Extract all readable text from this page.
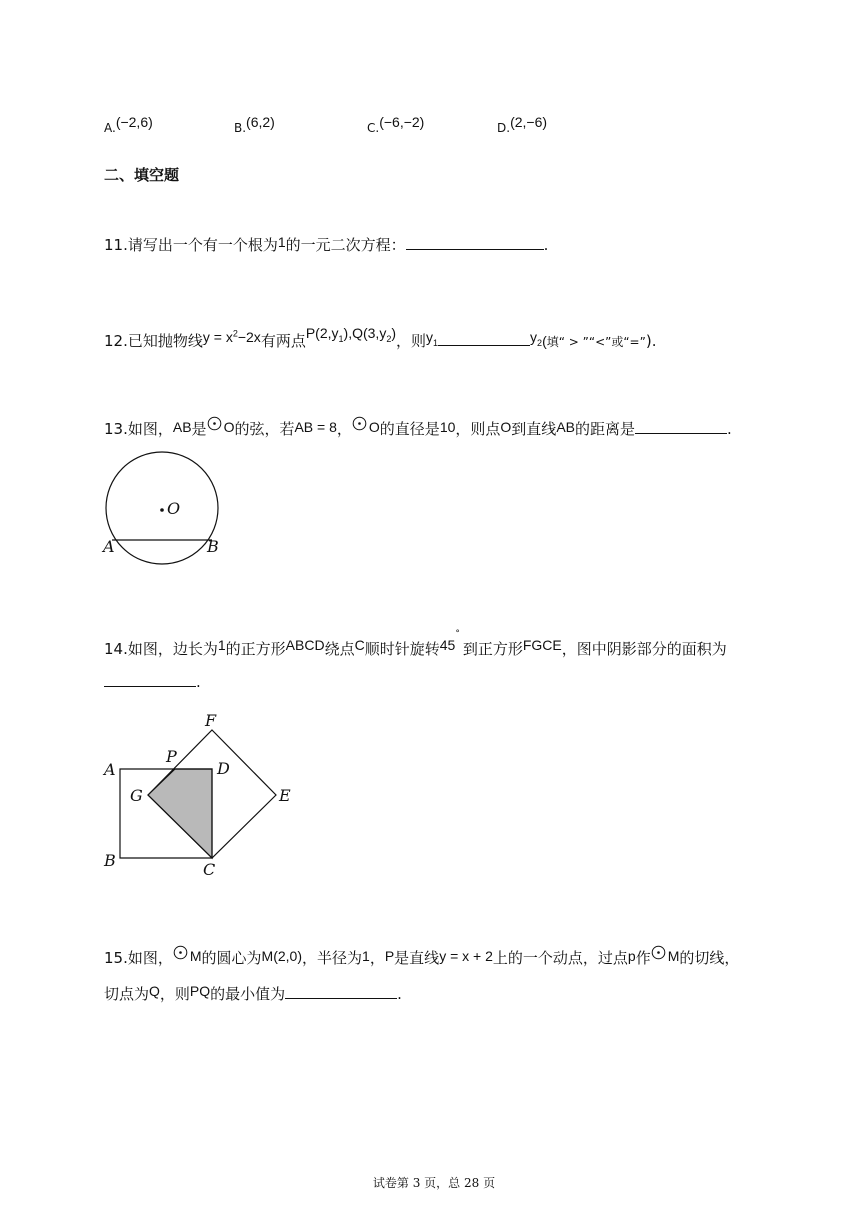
A.(−2,6)	B.(6,2)	C.(−6,−2)	D.(2,−6)
二、填空题
11.请写出一个有一个根为1的一元二次方程：	.
12.已知抛物线$y = x^2-2x$有两点$P(2,y_1),Q(3,y_2)$，则$y_1$	$y_2$(填“ > ”“<”或“=”).
13.如图，AB是 O的弦，若AB = 8， O的直径是10，则点O到直线AB的距离是	.
O
A	B
14.如图，边长为1的正方形ABCD绕点C顺时针旋转45°到正方形FGCE，图中阴影部分的面积为
.
F
P
A	D
G	E
B	C
15.如图， M的圆心为M(2,0)，半径为1，P是直线y = x + 2上的一个动点，过点p作 M的切线，
切点为Q，则PQ的最小值为	.
试卷第 3 页，总 28 页
